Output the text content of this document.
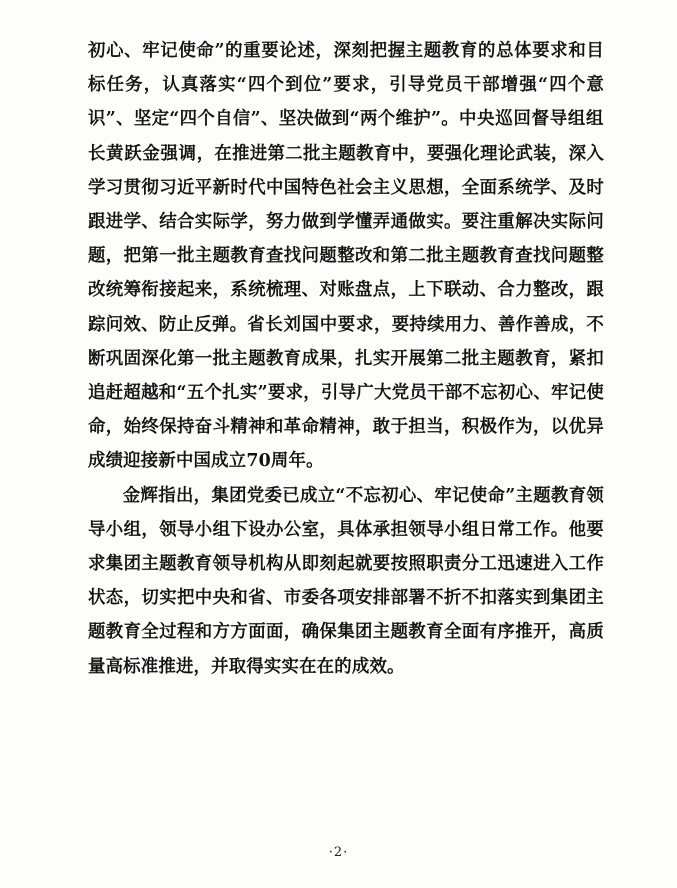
初心、牢记使命”的重要论述，深刻把握主题教育的总体要求和目标任务，认真落实“四个到位”要求，引导党员干部增强“四个意识”、坚定“四个自信”、坚决做到“两个维护”。中央巡回督导组组长黄跃金强调，在推进第二批主题教育中，要强化理论武装，深入学习贯彻习近平新时代中国特色社会主义思想，全面系统学、及时跟进学、结合实际学，努力做到学懂弄通做实。要注重解决实际问题，把第一批主题教育查找问题整改和第二批主题教育查找问题整改统筹衔接起来，系统梳理、对账盘点，上下联动、合力整改，跟踪问效、防止反弹。省长刘国中要求，要持续用力、善作善成，不断巩固深化第一批主题教育成果，扎实开展第二批主题教育，紧扣追赶超越和“五个扎实”要求，引导广大党员干部不忘初心、牢记使命，始终保持奋斗精神和革命精神，敢于担当，积极作为，以优异成绩迎接新中国成立70周年。

金辉指出，集团党委已成立“不忘初心、牢记使命”主题教育领导小组，领导小组下设办公室，具体承担领导小组日常工作。他要求集团主题教育领导机构从即刻起就要按照职责分工迅速进入工作状态，切实把中央和省、市委各项安排部署不折不扣落实到集团主题教育全过程和方方面面，确保集团主题教育全面有序推开，高质量高标准推进，并取得实实在在的成效。

·2·
